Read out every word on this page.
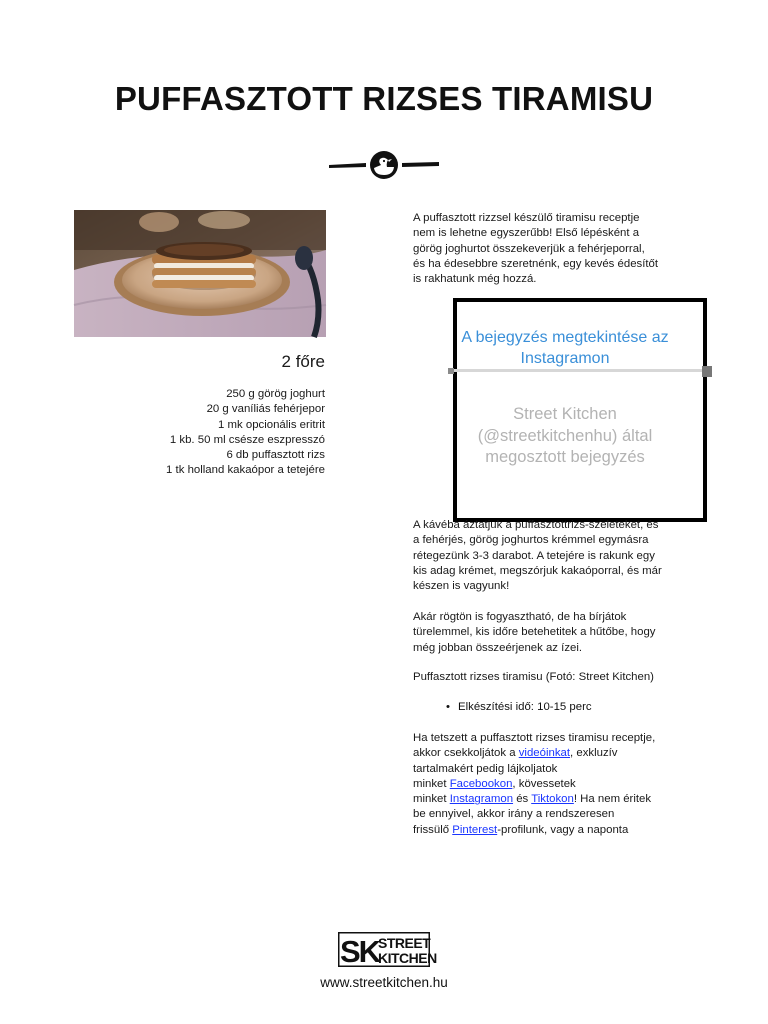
PUFFASZTOTT RIZSES TIRAMISU
2 főre
250 g görög joghurt
20 g vaníliás fehérjepor
1 mk opcionális eritrit
1 kb. 50 ml csésze eszpresszó
6 db puffasztott rizs
1 tk holland kakaópor a tetejére

A puffasztott rizzsel készülő tiramisu receptje

nem is lehetne egyszerűbb! Első lépésként a

görög joghurtot összekeverjük a fehérjeporral,

és ha édesebbre szeretnénk, egy kevés édesítőt

is rakhatunk még hozzá.

A bejegyzés megtekintése az Instagramon
Street Kitchen (@streetkitchenhu) által megosztott bejegyzés

A kávéba áztatjuk a puffasztottrizs-szeleteket, és

a fehérjés, görög joghurtos krémmel egymásra

rétegezünk 3-3 darabot. A tetejére is rakunk egy

kis adag krémet, megszórjuk kakaóporral, és már

készen is vagyunk!

Akár rögtön is fogyasztható, de ha bírjátok

türelemmel, kis időre betehetitek a hűtőbe, hogy

még jobban összeérjenek az ízei.

Puffasztott rizses tiramisu (Fotó: Street Kitchen)

• Elkészítési idő: 10-15 perc

Ha tetszett a puffasztott rizses tiramisu receptje,

akkor csekkoljátok a videóinkat, exkluzív

tartalmakért pedig lájkoljatok

minket Facebookon, kövessetek

minket Instagramon és Tiktokon! Ha nem éritek

be ennyivel, akkor irány a rendszeresen

frissülő Pinterest-profilunk, vagy a naponta

SK
STREET
KITCHEN
www.streetkitchen.hu
